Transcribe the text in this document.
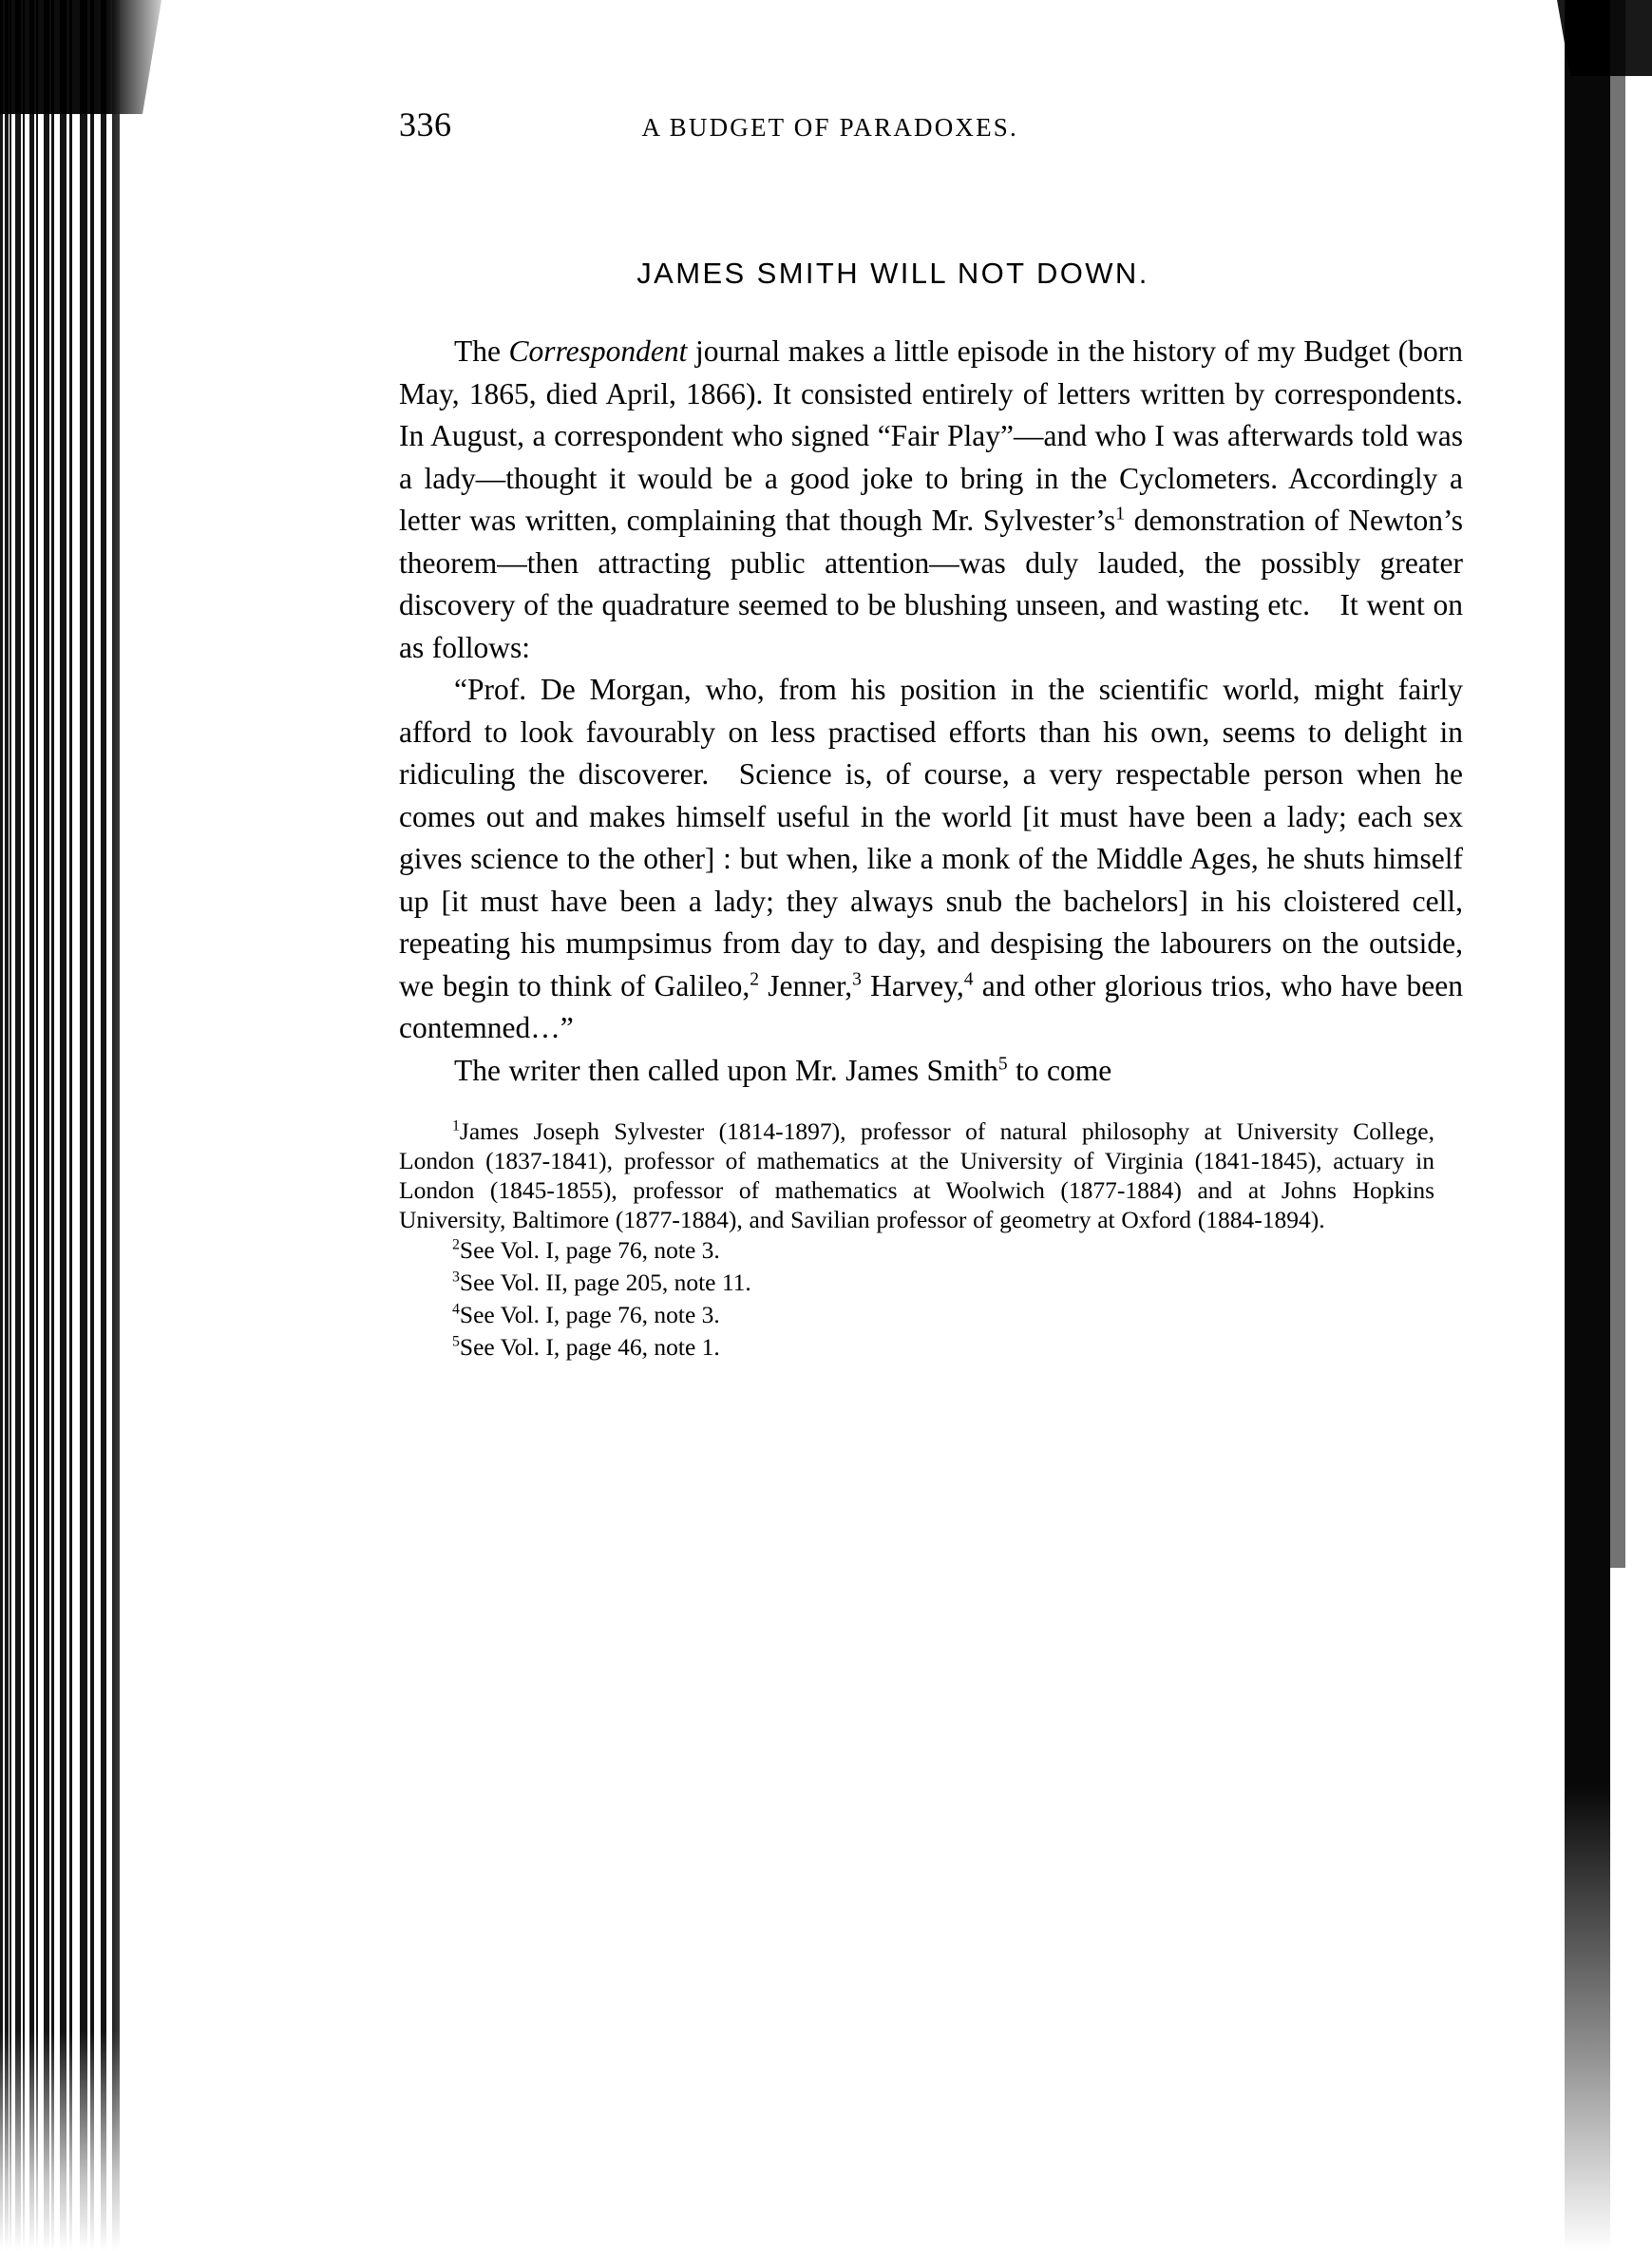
336	A BUDGET OF PARADOXES.
JAMES SMITH WILL NOT DOWN.

The Correspondent journal makes a little episode in the history of my Budget (born May, 1865, died April, 1866). It consisted entirely of letters written by correspondents. In August, a correspondent who signed “Fair Play”—and who I was afterwards told was a lady—thought it would be a good joke to bring in the Cyclometers. Accordingly a letter was written, complaining that though Mr. $Sylvester’s^1$ demonstration of Newton’s theorem—then attracting public attention—was duly lauded, the possibly greater discovery of the quadrature seemed to be blushing unseen, and wasting etc. It went on as follows:

“Prof. De Morgan, who, from his position in the scientific world, might fairly afford to look favourably on less practised efforts than his own, seems to delight in ridiculing the discoverer. Science is, of course, a very respectable person when he comes out and makes himself useful in the world [it must have been a lady; each sex gives science to the other] : but when, like a monk of the Middle Ages, he shuts himself up [it must have been a lady; they always snub the bachelors] in his cloistered cell, repeating his mumpsimus from day to day, and despising the labourers on the outside, we begin to think of Galileo,$^2$ Jenner,$^3$ Harvey,$^4$ and other glorious trios, who have been contemned…”

The writer then called upon Mr. James Smith$^5$ to come

$^1$James Joseph Sylvester (1814-1897), professor of natural philosophy at University College, London (1837-1841), professor of mathematics at the University of Virginia (1841-1845), actuary in London (1845-1855), professor of mathematics at Woolwich (1877-1884) and at Johns Hopkins University, Baltimore (1877-1884), and Savilian professor of geometry at Oxford (1884-1894).

$^2$See Vol. I, page 76, note 3.

$^3$See Vol. II, page 205, note 11.

$^4$See Vol. I, page 76, note 3.

$^5$See Vol. I, page 46, note 1.
